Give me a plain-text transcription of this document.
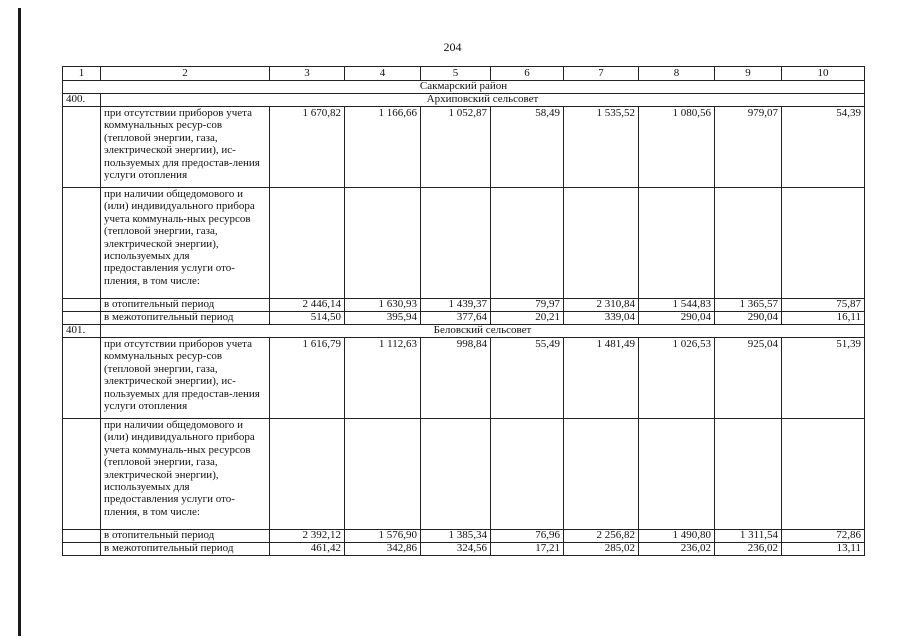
204
1	2	3	4	5	6	7	8	9	10
Сакмарский район									
400.	Архиповский сельсовет								
	при отсутствии приборов учета коммунальных ресур-сов (тепловой энергии, газа, электрической энергии), ис-пользуемых для предостав-ления услуги отопления	1 670,82	1 166,66	1 052,87	58,49	1 535,52	1 080,56	979,07	54,39
	при наличии общедомового и (или) индивидуального прибора учета коммуналь-ных ресурсов (тепловой энергии, газа, электрической энергии), используемых для предоставления услуги ото-пления, в том числе:								
	в отопительный период	2 446,14	1 630,93	1 439,37	79,97	2 310,84	1 544,83	1 365,57	75,87
	в межотопительный период	514,50	395,94	377,64	20,21	339,04	290,04	290,04	16,11
401.	Беловский сельсовет								
	при отсутствии приборов учета коммунальных ресур-сов (тепловой энергии, газа, электрической энергии), ис-пользуемых для предостав-ления услуги отопления	1 616,79	1 112,63	998,84	55,49	1 481,49	1 026,53	925,04	51,39
	при наличии общедомового и (или) индивидуального прибора учета коммуналь-ных ресурсов (тепловой энергии, газа, электрической энергии), используемых для предоставления услуги ото-пления, в том числе:								
	в отопительный период	2 392,12	1 576,90	1 385,34	76,96	2 256,82	1 490,80	1 311,54	72,86
	в межотопительный период	461,42	342,86	324,56	17,21	285,02	236,02	236,02	13,11
